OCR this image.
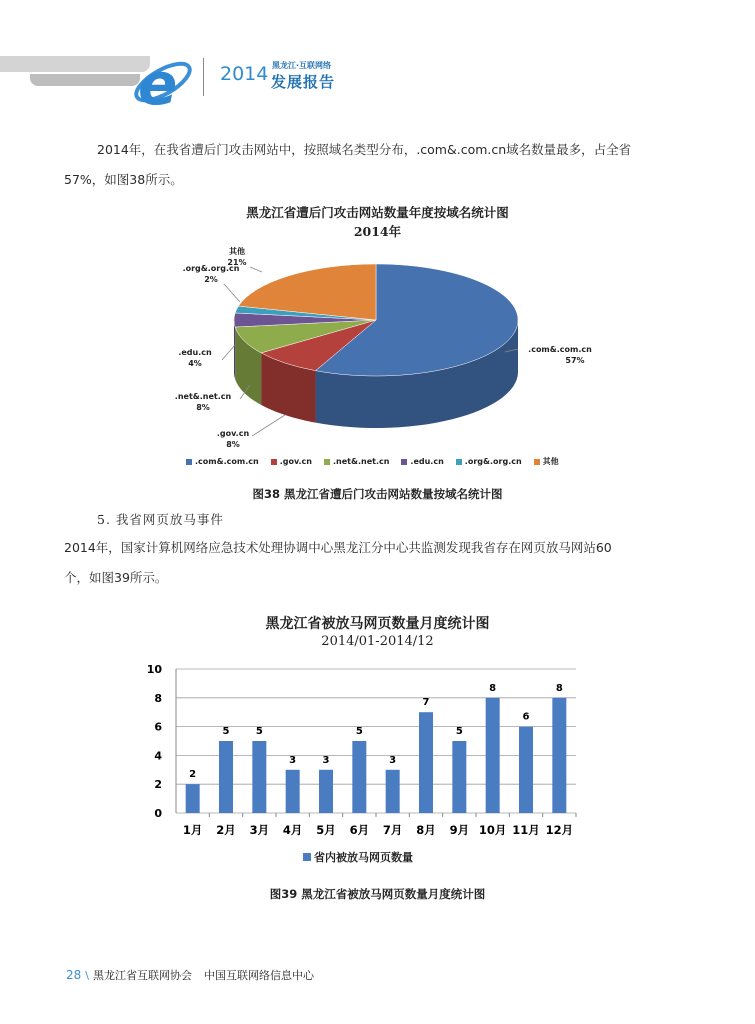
e 2014 黑龙江·互联网络
发展报告
2014年，在我省遭后门攻击网站中，按照域名类型分布，.com&.com.cn域名数量最多，占全省
57%，如图38所示。
黑龙江省遭后门攻击网站数量年度按域名统计图
2014年
.com&.com.cn
57%
.gov.cn
8%
.net&.net.cn
8%
.edu.cn
4%
.org&.org.cn
2%
其他
21%
.com&.com.cn	.gov.cn	.net&.net.cn	.edu.cn	.org&.org.cn	其他
图38 黑龙江省遭后门攻击网站数量按域名统计图
5. 我省网页放马事件
2014年，国家计算机网络应急技术处理协调中心黑龙江分中心共监测发现我省存在网页放马网站60
个，如图39所示。
黑龙江省被放马网页数量月度统计图
2014/01-2014/12
0
2
4
6
8
10
2
1月
5
2月
5
3月
3
4月
3
5月
5
6月
3
7月
7
8月
5
9月
8
10月
6
11月
8
12月
省内被放马网页数量
图39 黑龙江省被放马网页数量月度统计图
28 \ 黑龙江省互联网协会 中国互联网络信息中心
